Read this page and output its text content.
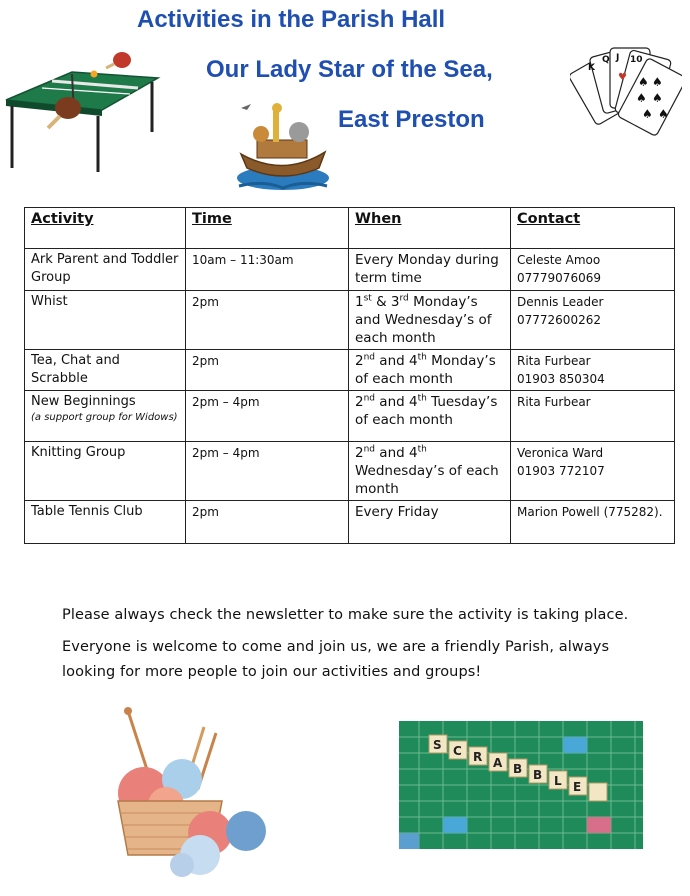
Activities in the Parish Hall
Our Lady Star of the Sea,
East Preston
K
Q J 10
♠ ♠
♠ ♠
♠ ♠
♥
Activity	Time	When	Contact
Ark Parent and Toddler Group	10am – 11:30am	Every Monday during term time	Celeste Amoo
07779076069
Whist	2pm	1st & 3rd Monday’s and Wednesday’s of each month	Dennis Leader
07772600262
Tea, Chat and Scrabble	2pm	2nd and 4th Monday’s of each month	Rita Furbear
01903 850304
New Beginnings
(a support group for Widows)	2pm – 4pm	2nd and 4th Tuesday’s of each month	Rita Furbear
Knitting Group	2pm – 4pm	2nd and 4th Wednesday’s of each month	Veronica Ward
01903 772107
Table Tennis Club	2pm	Every Friday	Marion Powell (775282).

Please always check the newsletter to make sure the activity is taking place.

Everyone is welcome to come and join us, we are a friendly Parish, always looking for more people to join our activities and groups!

S C R A B B L E
